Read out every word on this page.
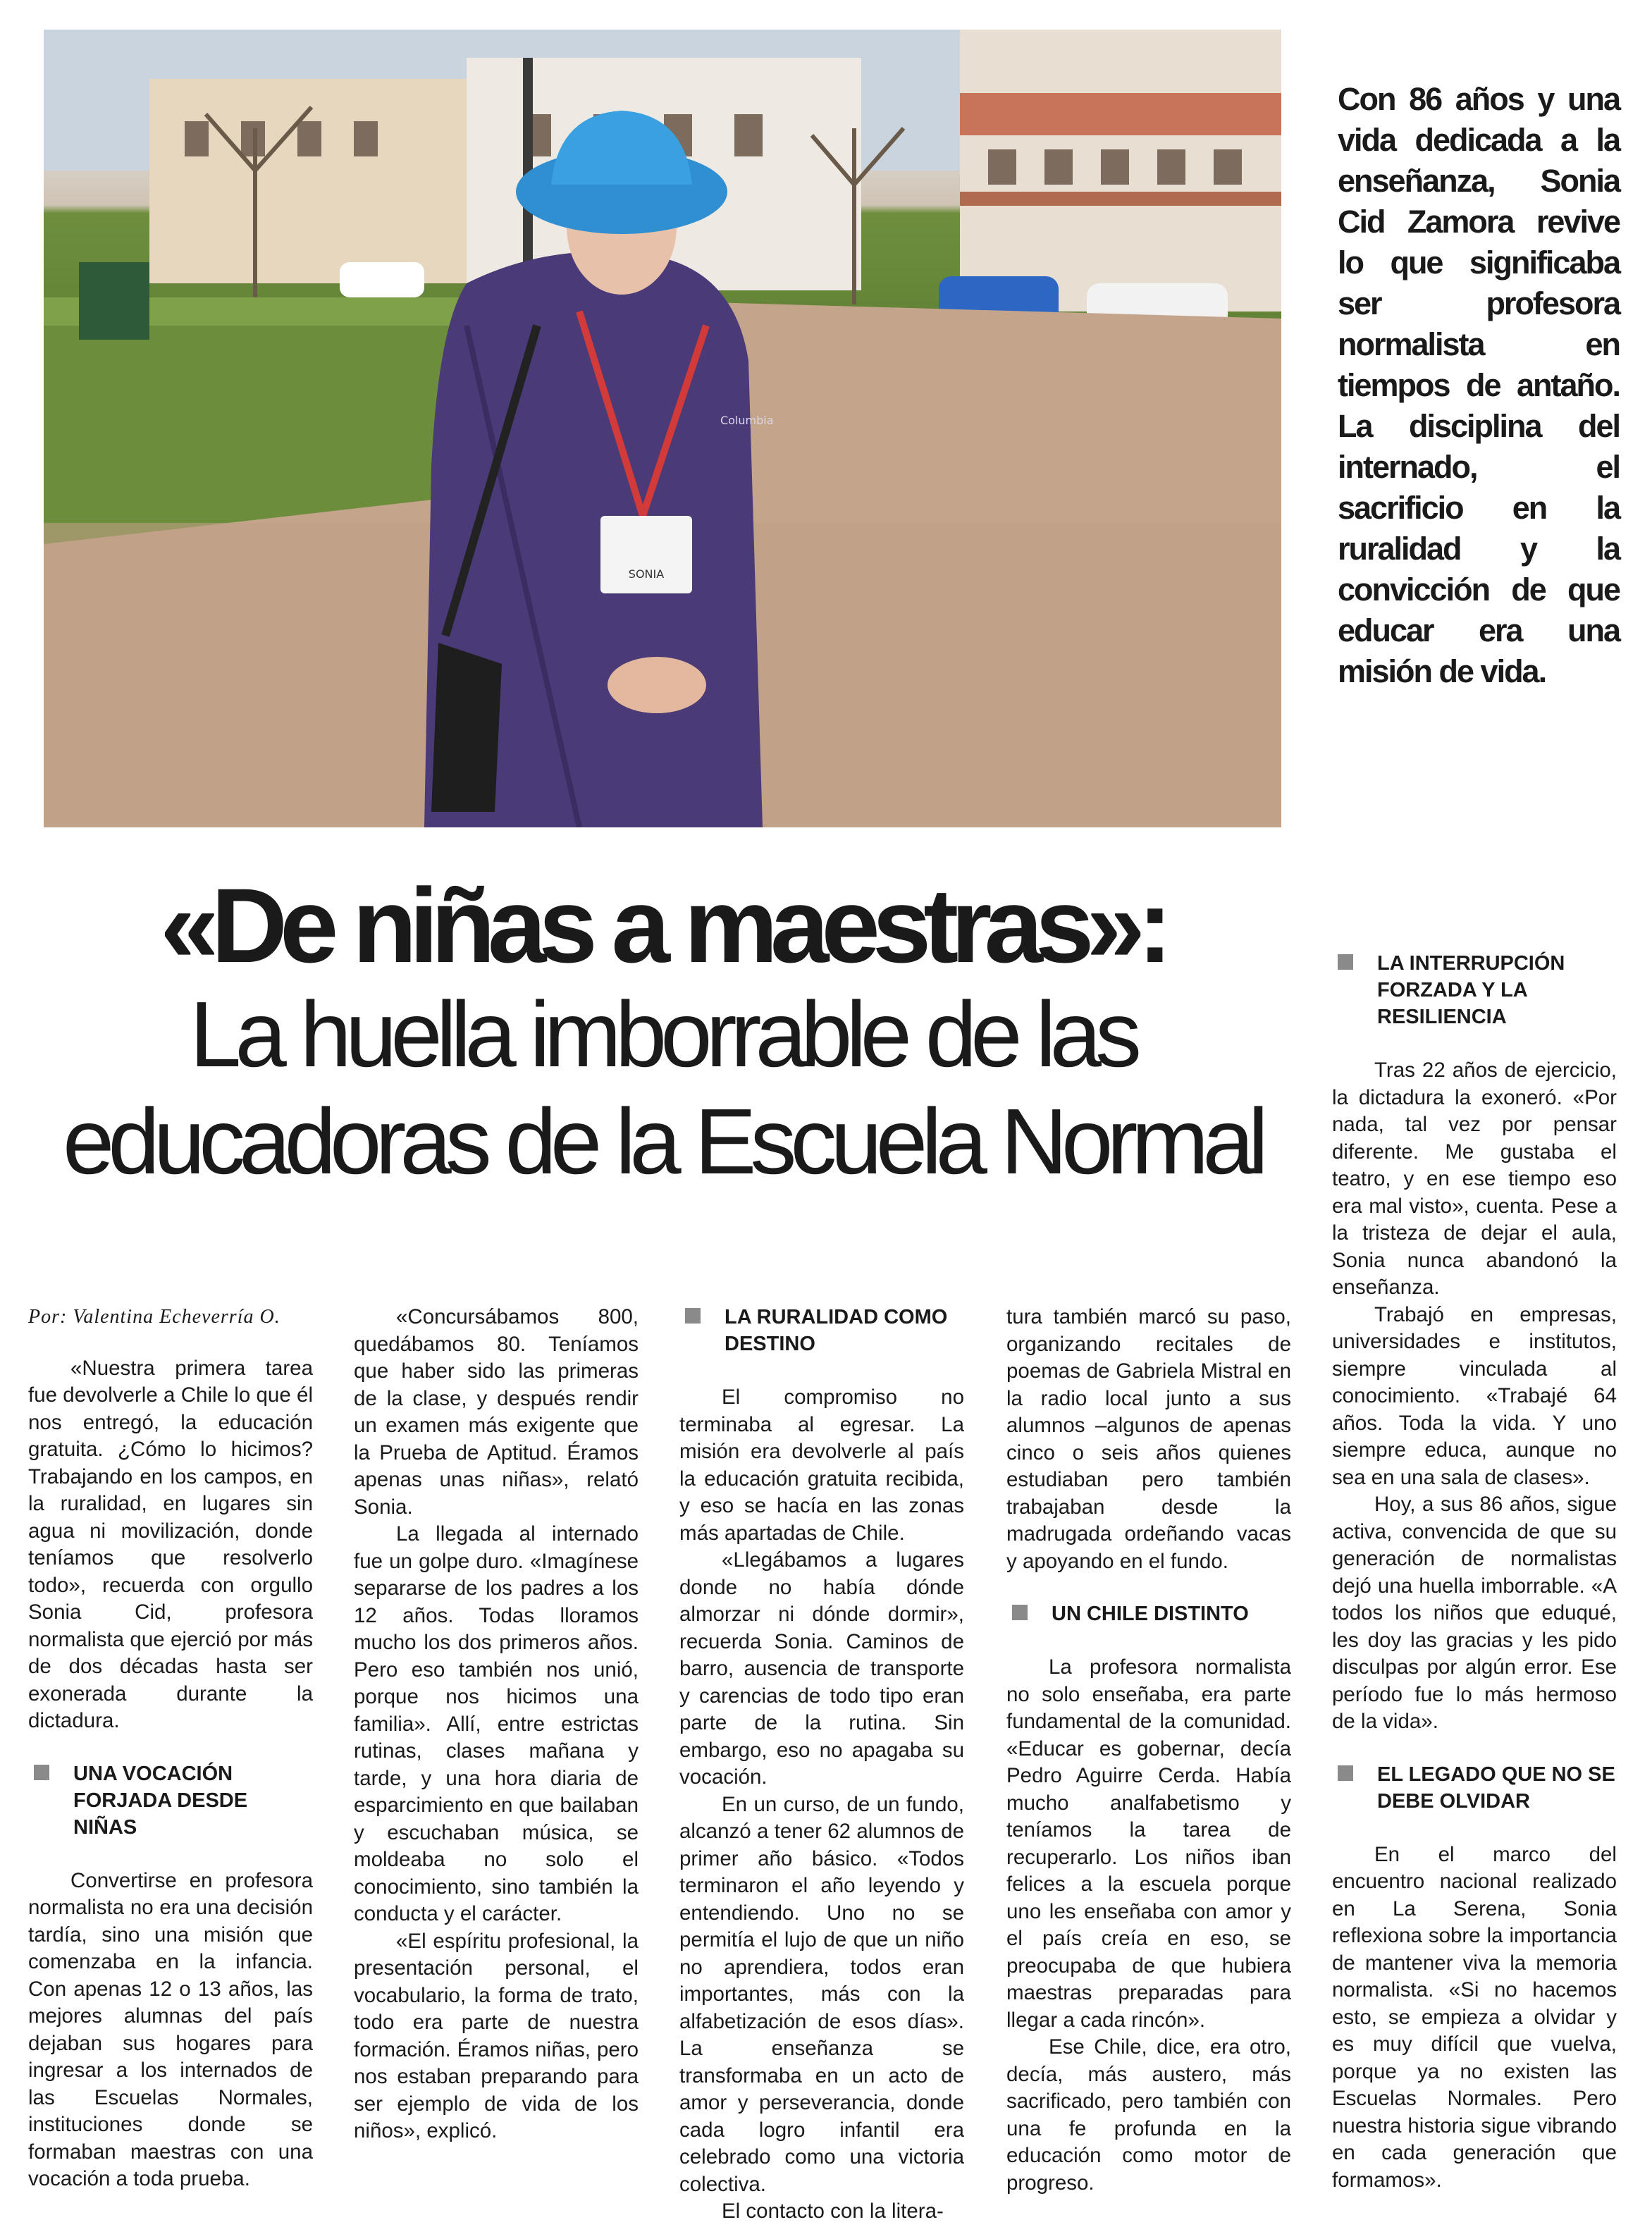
SONIA
Columbia
Con 86 años y una vida dedicada a la enseñanza, Sonia Cid Zamora revive lo que significaba ser profesora normalista en tiempos de antaño. La disciplina del internado, el sacrificio en la ruralidad y la convicción de que educar era una misión de vida.
«De niñas a maestras»:
La huella imborrable de las
educadoras de la Escuela Normal

Por: Valentina Echeverría O.

«Nuestra primera tarea fue devolverle a Chile lo que él nos entregó, la educación gratuita. ¿Cómo lo hicimos? Trabajando en los campos, en la ruralidad, en lugares sin agua ni movilización, donde teníamos que resolverlo todo», recuerda con orgullo Sonia Cid, profesora normalista que ejerció por más de dos décadas hasta ser exonerada durante la dictadura.

UNA VOCACIÓN FORJADA DESDE NIÑAS

Convertirse en profesora normalista no era una decisión tardía, sino una misión que comenzaba en la infancia. Con apenas 12 o 13 años, las mejores alumnas del país dejaban sus hogares para ingresar a los internados de las Escuelas Normales, instituciones donde se formaban maestras con una vocación a toda prueba.

«Concursábamos 800, quedábamos 80. Teníamos que haber sido las primeras de la clase, y después rendir un examen más exigente que la Prueba de Aptitud. Éramos apenas unas niñas», relató Sonia.

La llegada al internado fue un golpe duro. «Imagínese separarse de los padres a los 12 años. Todas lloramos mucho los dos primeros años. Pero eso también nos unió, porque nos hicimos una familia». Allí, entre estrictas rutinas, clases mañana y tarde, y una hora diaria de esparcimiento en que bailaban y escuchaban música, se moldeaba no solo el conocimiento, sino también la conducta y el carácter.

«El espíritu profesional, la presentación personal, el vocabulario, la forma de trato, todo era parte de nuestra formación. Éramos niñas, pero nos estaban preparando para ser ejemplo de vida de los niños», explicó.

LA RURALIDAD COMO DESTINO

El compromiso no terminaba al egresar. La misión era devolverle al país la educación gratuita recibida, y eso se hacía en las zonas más apartadas de Chile.

«Llegábamos a lugares donde no había dónde almorzar ni dónde dormir», recuerda Sonia. Caminos de barro, ausencia de transporte y carencias de todo tipo eran parte de la rutina. Sin embargo, eso no apagaba su vocación.

En un curso, de un fundo, alcanzó a tener 62 alumnos de primer año básico. «Todos terminaron el año leyendo y entendiendo. Uno no se permitía el lujo de que un niño no aprendiera, todos eran importantes, más con la alfabetización de esos días». La enseñanza se transformaba en un acto de amor y perseverancia, donde cada logro infantil era celebrado como una victoria colectiva.

El contacto con la litera-

tura también marcó su paso, organizando recitales de poemas de Gabriela Mistral en la radio local junto a sus alumnos –algunos de apenas cinco o seis años quienes estudiaban pero también trabajaban desde la madrugada ordeñando vacas y apoyando en el fundo.

UN CHILE DISTINTO

La profesora normalista no solo enseñaba, era parte fundamental de la comunidad. «Educar es gobernar, decía Pedro Aguirre Cerda. Había mucho analfabetismo y teníamos la tarea de recuperarlo. Los niños iban felices a la escuela porque uno les enseñaba con amor y el país creía en eso, se preocupaba de que hubiera maestras preparadas para llegar a cada rincón».

Ese Chile, dice, era otro, decía, más austero, más sacrificado, pero también con una fe profunda en la educación como motor de progreso.

LA INTERRUPCIÓN FORZADA Y LA RESILIENCIA

Tras 22 años de ejercicio, la dictadura la exoneró. «Por nada, tal vez por pensar diferente. Me gustaba el teatro, y en ese tiempo eso era mal visto», cuenta. Pese a la tristeza de dejar el aula, Sonia nunca abandonó la enseñanza.

Trabajó en empresas, universidades e institutos, siempre vinculada al conocimiento. «Trabajé 64 años. Toda la vida. Y uno siempre educa, aunque no sea en una sala de clases».

Hoy, a sus 86 años, sigue activa, convencida de que su generación de normalistas dejó una huella imborrable. «A todos los niños que eduqué, les doy las gracias y les pido disculpas por algún error. Ese período fue lo más hermoso de la vida».

EL LEGADO QUE NO SE DEBE OLVIDAR

En el marco del encuentro nacional realizado en La Serena, Sonia reflexiona sobre la importancia de mantener viva la memoria normalista. «Si no hacemos esto, se empieza a olvidar y es muy difícil que vuelva, porque ya no existen las Escuelas Normales. Pero nuestra historia sigue vibrando en cada generación que formamos».
